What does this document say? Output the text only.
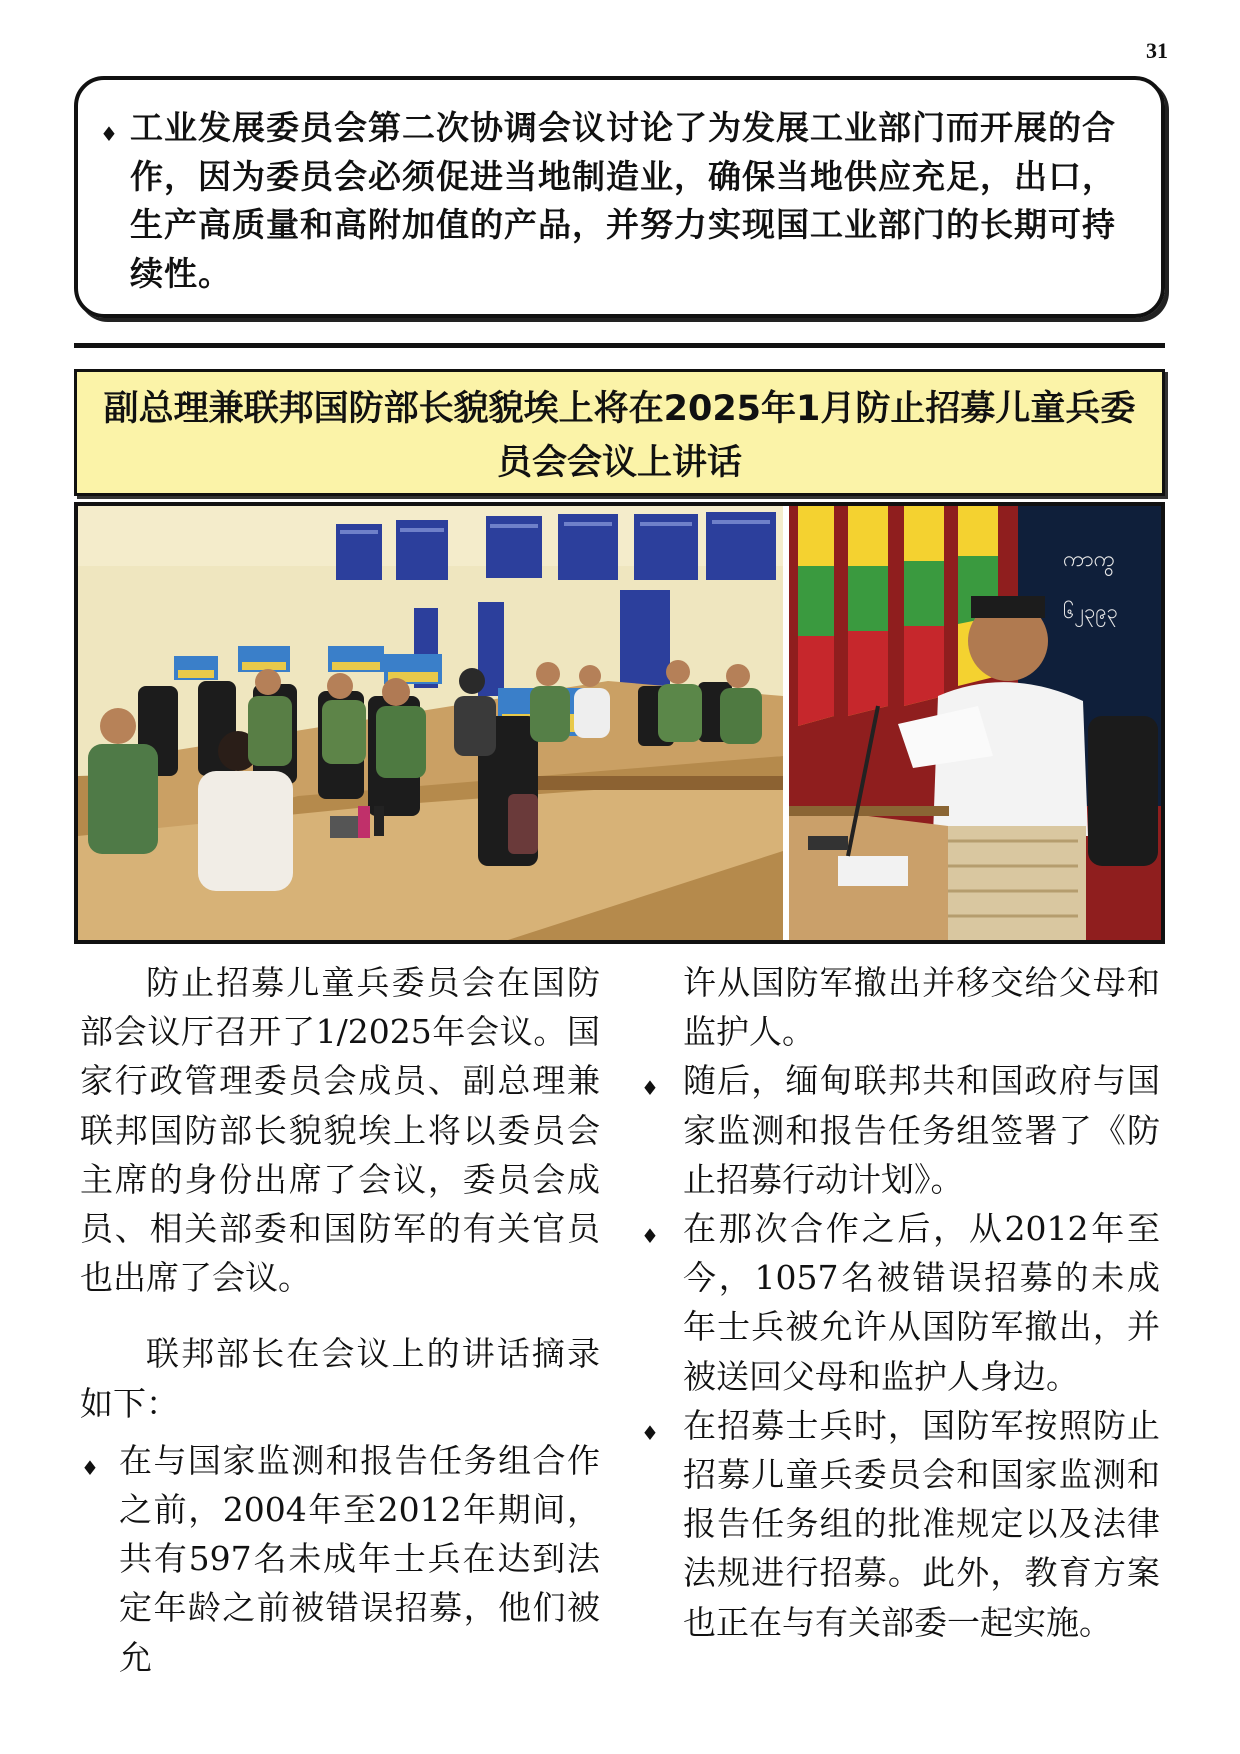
31
♦ 工业发展委员会第二次协调会议讨论了为发展工业部门而开展的合作，因为委员会必须促进当地制造业，确保当地供应充足，出口，生产高质量和高附加值的产品，并努力实现国工业部门的长期可持续性。

副总理兼联邦国防部长貌貌埃上将在2025年1月防止招募儿童兵委
员会会议上讲话
ကာကွ
၆၂၃၉၃

防止招募儿童兵委员会在国防部会议厅召开了1/2025年会议。国家行政管理委员会成员、副总理兼联邦国防部长貌貌埃上将以委员会主席的身份出席了会议，委员会成员、相关部委和国防军的有关官员也出席了会议。

联邦部长在会议上的讲话摘录如下：

♦ 在与国家监测和报告任务组合作之前，2004年至2012年期间，共有597名未成年士兵在达到法定年龄之前被错误招募，他们被允

许从国防军撤出并移交给父母和监护人。

♦ 随后，缅甸联邦共和国政府与国家监测和报告任务组签署了《防止招募行动计划》。

♦ 在那次合作之后，从2012年至今，1057名被错误招募的未成年士兵被允许从国防军撤出，并被送回父母和监护人身边。

♦ 在招募士兵时，国防军按照防止招募儿童兵委员会和国家监测和报告任务组的批准规定以及法律法规进行招募。此外，教育方案也正在与有关部委一起实施。
